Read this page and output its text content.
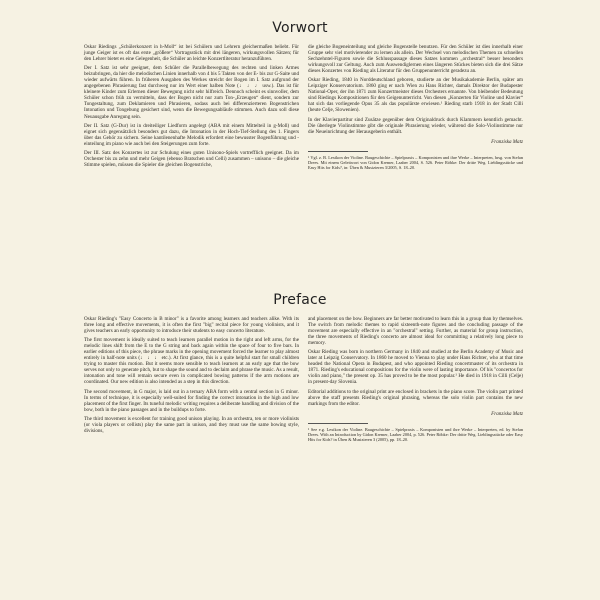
Vorwort

Oskar Riedings „Schülerkonzert in h-Moll“ ist bei Schülern und Lehrern gleichermaßen beliebt. Für junge Geiger ist es oft das erste „größere“ Vortragsstück mit drei längeren, wirkungsvollen Sätzen; für den Lehrer bietet es eine Gelegenheit, die Schüler an leichte Konzertliteratur heranzuführen.

Der I. Satz ist sehr geeignet, dem Schüler die Parallelbewegung des rechten und linken Armes beizubringen, da hier die melodischen Linien innerhalb von 4 bis 5 Takten von der E- bis zur G-Saite und wieder aufwärts führen. In früheren Ausgaben des Werkes streicht der Bogen im I. Satz aufgrund der angegebenen Phrasierung fast durchweg nur im Wert einer halben Note (♩ ♩ ♩ usw.). Das ist für kleinere Kinder zum Erlernen dieser Bewegung nicht sehr hilfreich. Dennoch scheint es sinnvoller, dem Schüler schon früh zu vermitteln, dass der Bogen nicht nur zum Ton-„Erzeugen“ dient, sondern zur Tongestaltung, zum Deklamieren und Phrasieren, sodass auch bei differenzierteren Bogenstrichen Intonation und Tongebung gesichert sind, wenn die Bewegungsabläufe stimmen. Auch dazu soll diese Neuausgabe Anregung sein.

Der II. Satz (G-Dur) ist in dreiteiliger Liedform angelegt (ABA mit einem Mittelteil in g-Moll) und eignet sich gegensätzlich besonders gut dazu, die Intonation in der Hoch-Tief-Stellung des 1. Fingers über das Gehör zu sichern. Seine kantilenenhafte Melodik erfordert eine bewusster Bogenführung und -einteilung im piano wie auch bei den Steigerungen zum forte.

Der III. Satz des Konzertes ist zur Schulung eines guten Unisono-Spiels vortrefflich geeignet. Da im Orchester bis zu zehn und mehr Geigen (ebenso Bratschen und Celli) zusammen – unisono – die gleiche Stimme spielen, müssen die Spieler die gleichen Bogenstriche,

die gleiche Bogeneinteilung und gleiche Bogenstelle benutzen. Für den Schüler ist dies innerhalb einer Gruppe sehr viel motivierender zu lernen als allein. Der Wechsel von melodischen Themen zu schnellen Sechzehntel-Figuren sowie die Schlusspassage dieses Satzes kommen „orchestral“ besser besonders wirkungsvoll zur Geltung. Auch zum Auswendiglernen eines längeren Stückes bieten sich die drei Sätze dieses Konzertes von Rieding als Literatur für den Gruppenunterricht geradezu an.

Oskar Rieding, 1840 in Norddeutschland geboren, studierte an der Musikakademie Berlin, später am Leipziger Konservatorium. 1860 ging er nach Wien zu Hans Richter, damals Direktor der Budapester National-Oper, der ihn 1871 zum Konzertmeister dieses Orchesters ernannte. Von bleibender Bedeutung sind Riedings Kompositionen für den Geigenunterricht. Von diesen „Konzerten für Violine und Klavier“ hat sich das vorliegende Opus 35 als das populärste erwiesen.¹ Rieding starb 1918 in der Stadt Cilli (heute Celje, Slowenien).

In der Klavierpartitur sind Zusätze gegenüber dem Originaldruck durch Klammern kenntlich gemacht. Die überlegte Violinstimme gibt die originale Phrasierung wieder, während die Solo-Violinstimme nur die Neueinrichtung der Herausgeberin enthält.

Franziska Matz
¹ Vgl. z. B. Lexikon der Violine. Baugeschichte – Spielpraxis – Komponisten und ihre Werke – Interpreten, hrsg. von Stefan Drees. Mit einem Geleitwort von Gidon Kremer, Laaber 2004, S. 526. Peter Röbke: Der dritte Weg. Lieblingsstücke und Easy Hits for Kids?, in: Üben & Musizieren 3/2005, S. 18–20.
Preface

Oskar Rieding's "Easy Concerto in B minor" is a favorite among learners and teachers alike. With its three long and effective movements, it is often the first "big" recital piece for young violinists, and it gives teachers an early opportunity to introduce their students to easy concerto literature.

The first movement is ideally suited to teach learners parallel motion in the right and left arms, for the melodic lines shift from the E to the G string and back again within the space of four to five bars. In earlier editions of this piece, the phrase marks in the opening movement forced the learner to play almost entirely in half-note units (♩ ♩ ♩ etc.). At first glance, this is a quite helpful start for small children trying to master this motion. But it seems more sensible to teach learners at an early age that the bow serves not only to generate pitch, but to shape the sound and to declaim and phrase the music. As a result, intonation and tone will remain secure even in complicated bowing patterns if the arm motions are coordinated. Our new edition is also intended as a step in this direction.

The second movement, in G major, is laid out in a ternary ABA form with a central section in G minor. In terms of technique, it is especially well-suited for finding the correct intonation in the high and low placement of the first finger. Its tuneful melodic writing requires a deliberate handling and division of the bow, both in the piano passages and in the buildups to forte.

The third movement is excellent for training good unison playing. In an orchestra, ten or more violinists (or viola players or cellists) play the same part in unison, and they must use the same bowing style, divisions,

and placement on the bow. Beginners are far better motivated to learn this in a group than by themselves. The switch from melodic themes to rapid sixteenth-note figures and the concluding passage of the movement are especially effective in an "orchestral" setting. Further, as material for group instruction, the three movements of Rieding's concerto are almost ideal for committing a relatively long piece to memory.

Oskar Rieding was born in northern Germany in 1840 and studied at the Berlin Academy of Music and later at Leipzig Conservatory. In 1860 he moved to Vienna to play under Hans Richter, who at that time headed the National Opera in Budapest, and who appointed Rieding concertmaster of its orchestra in 1871. Rieding's educational compositions for the violin were of lasting importance. Of his "concertos for violin and piano," the present op. 35 has proved to be the most popular.¹ He died in 1918 in Cilli (Celje) in present-day Slovenia.

Editorial additions to the original print are enclosed in brackets in the piano score. The violin part printed above the staff presents Rieding's original phrasing, whereas the solo violin part contains the new markings from the editor.

Franziska Matz
¹ See e.g. Lexikon der Violine. Baugeschichte – Spielpraxis – Komponisten und ihre Werke – Interpreten, ed. by Stefan Drees. With an Introduction by Gidon Kremer, Laaber 2004, p. 526. Peter Röbke: Der dritte Weg. Lieblingsstücke oder Easy Hits for Kids? in Üben & Musizieren 3 (2005), pp. 18–20.
